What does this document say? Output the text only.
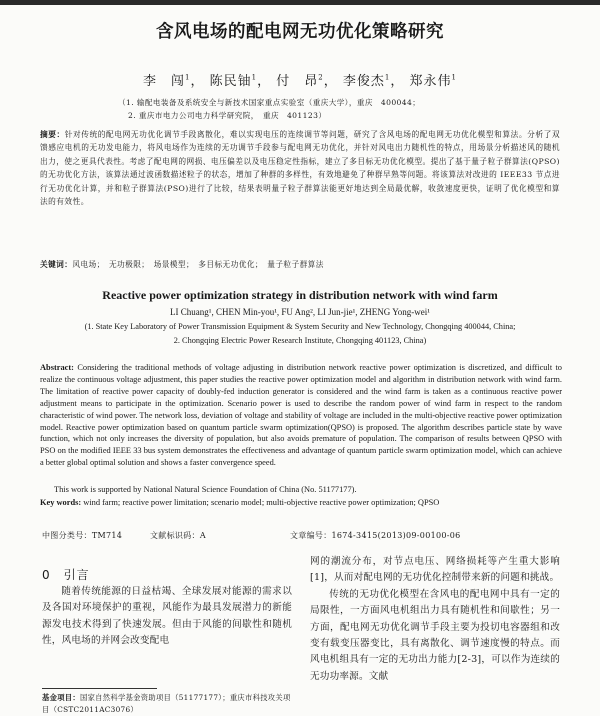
含风电场的配电网无功优化策略研究
李　闯$^1$， 陈民铀$^1$， 付　昂$^2$， 李俊杰$^1$， 郑永伟$^1$
（1. 输配电装备及系统安全与新技术国家重点实验室（重庆大学），重庆　400044；
2. 重庆市电力公司电力科学研究院，　重庆　401123）
摘要：针对传统的配电网无功优化调节手段离散化，难以实现电压的连续调节等问题，研究了含风电场的配电网无功优化模型和算法。分析了双馈感应电机的无功发电能力，将风电场作为连续的无功调节手段参与配电网无功优化，并针对风电出力随机性的特点，用场景分析描述风的随机出力，使之更具代表性。考虑了配电网的网损、电压偏差以及电压稳定性指标，建立了多目标无功优化模型。提出了基于量子粒子群算法(QPSO)的无功优化方法，该算法通过波函数描述粒子的状态，增加了种群的多样性，有效地避免了种群早熟等问题。将该算法对改进的 IEEE33 节点进行无功优化计算，并和粒子群算法(PSO)进行了比较，结果表明量子粒子群算法能更好地达到全局最优解，收敛速度更快，证明了优化模型和算法的有效性。
关键词：风电场；　无功极限；　场景模型；　多目标无功优化；　量子粒子群算法
Reactive power optimization strategy in distribution network with wind farm
LI Chuang¹, CHEN Min-you¹, FU Ang², LI Jun-jie¹, ZHENG Yong-wei¹
(1. State Key Laboratory of Power Transmission Equipment & System Security and New Technology, Chongqing 400044, China;
2. Chongqing Electric Power Research Institute, Chongqing 401123, China)
Abstract: Considering the traditional methods of voltage adjusting in distribution network reactive power optimization is discretized, and difficult to realize the continuous voltage adjustment, this paper studies the reactive power optimization model and algorithm in distribution network with wind farm. The limitation of reactive power capacity of doubly-fed induction generator is considered and the wind farm is taken as a continuous reactive power adjustment means to participate in the optimization. Scenario power is used to describe the random power of wind farm in respect to the random characteristic of wind power. The network loss, deviation of voltage and stability of voltage are included in the multi-objective reactive power optimization model. Reactive power optimization based on quantum particle swarm optimization(QPSO) is proposed. The algorithm describes particle state by wave function, which not only increases the diversity of population, but also avoids premature of population. The comparison of results between QPSO with PSO on the modified IEEE 33 bus system demonstrates the effectiveness and advantage of quantum particle swarm optimization model, which can achieve a better global optimal solution and shows a faster convergence speed.
This work is supported by National Natural Science Foundation of China (No. 51177177).
Key words: wind farm; reactive power limitation; scenario model; multi-objective reactive power optimization; QPSO
中图分类号：TM714	文献标识码：A	文章编号：1674-3415(2013)09-00100-06
0　引言

随着传统能源的日益枯竭、全球发展对能源的需求以及各国对环境保护的重视，风能作为最具发展潜力的新能源发电技术得到了快速发展。但由于风能的间歇性和随机性，风电场的并网会改变配电

网的潮流分布，对节点电压、网络损耗等产生重大影响[1]，从而对配电网的无功优化控制带来新的问题和挑战。

传统的无功优化模型在含风电的配电网中具有一定的局限性，一方面风电机组出力具有随机性和间歇性；另一方面，配电网无功优化调节手段主要为投切电容器组和改变有载变压器变比，具有离散化、调节速度慢的特点。而风电机组具有一定的无功出力能力[2-3]，可以作为连续的无功功率源。文献

基金项目：国家自然科学基金资助项目（51177177）；重庆市科技攻关项目（CSTC2011AC3076）
